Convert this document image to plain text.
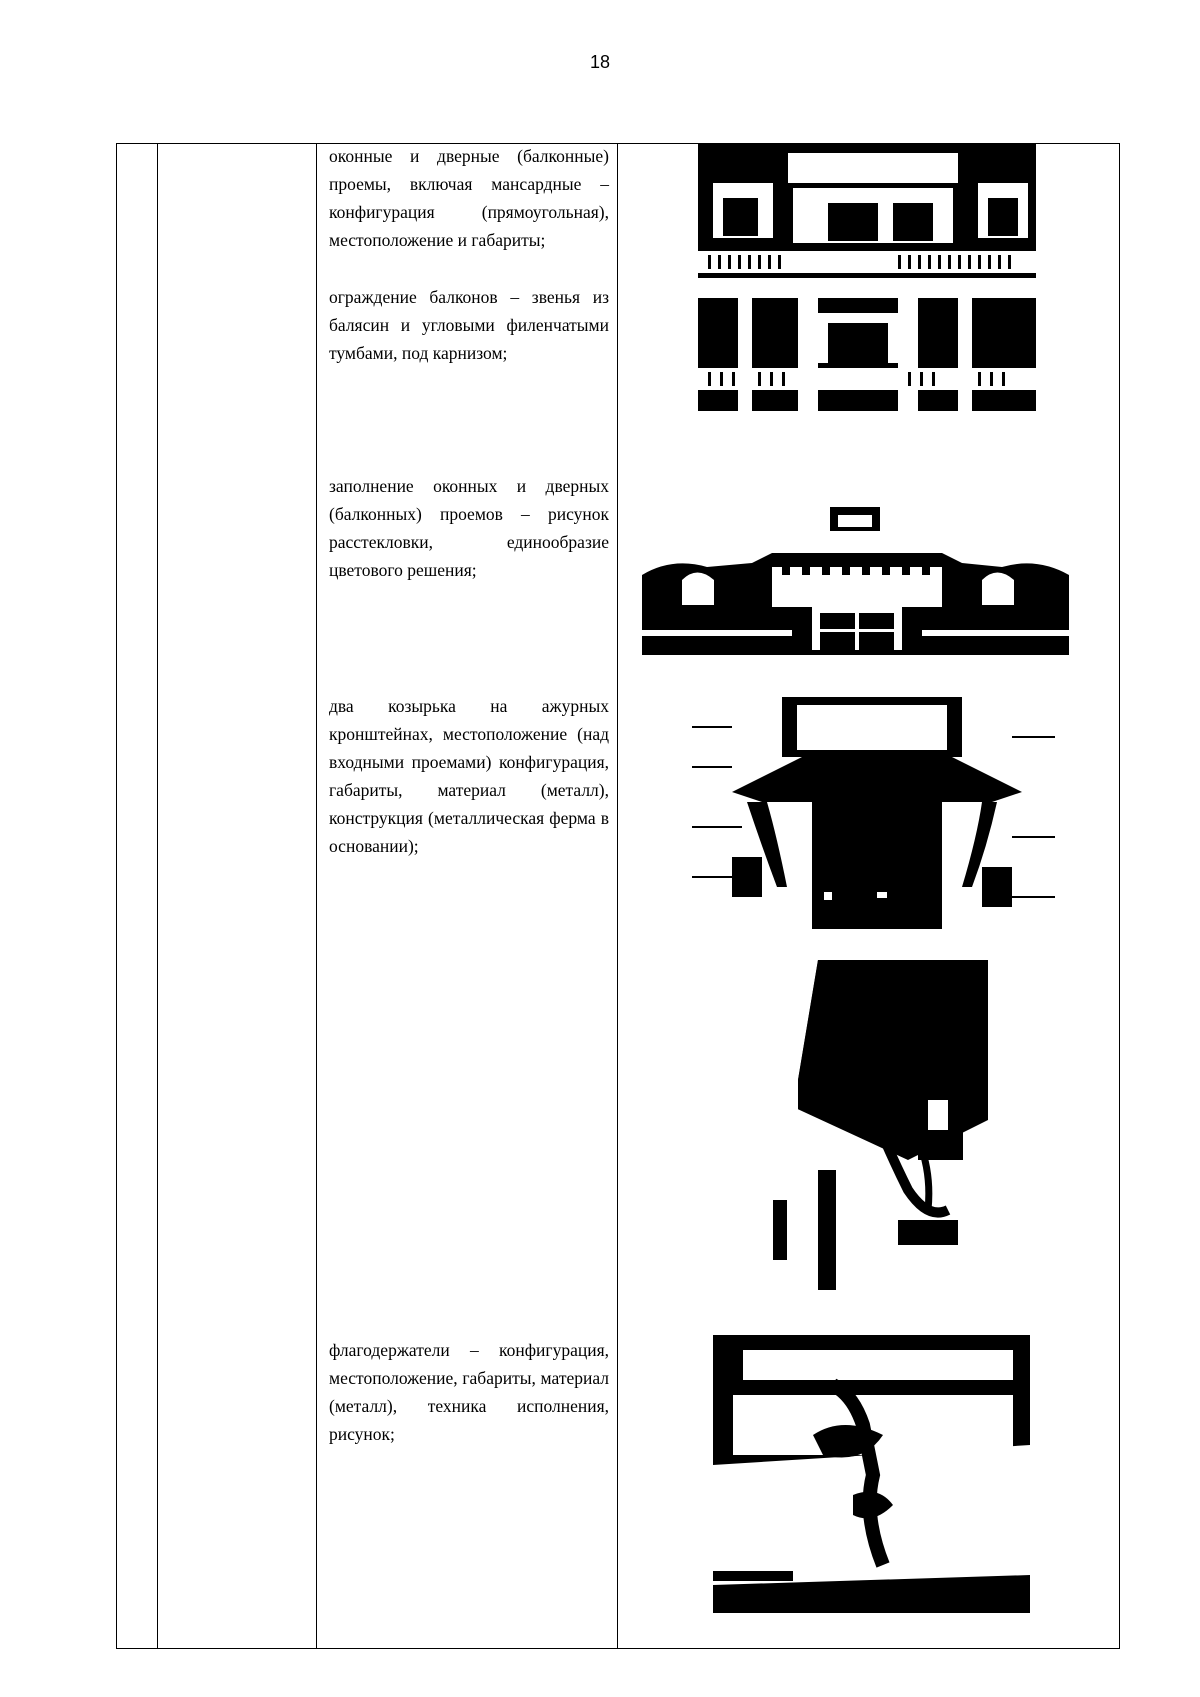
18
оконные и дверные (балконные) проемы, включая мансардные – конфигурация (прямоугольная), местоположение и габариты;
ограждение балконов – звенья из балясин и угловыми филенчатыми тумбами, под карнизом;
заполнение оконных и дверных (балконных) проемов – рисунок расстекловки, единообразие цветового решения;
два козырька на ажурных кронштейнах, местоположение (над входными проемами) конфигурация, габариты, материал (металл), конструкция (металлическая ферма в основании);
флагодержатели – конфигурация, местоположение, габариты, материал (металл), техника исполнения, рисунок;
